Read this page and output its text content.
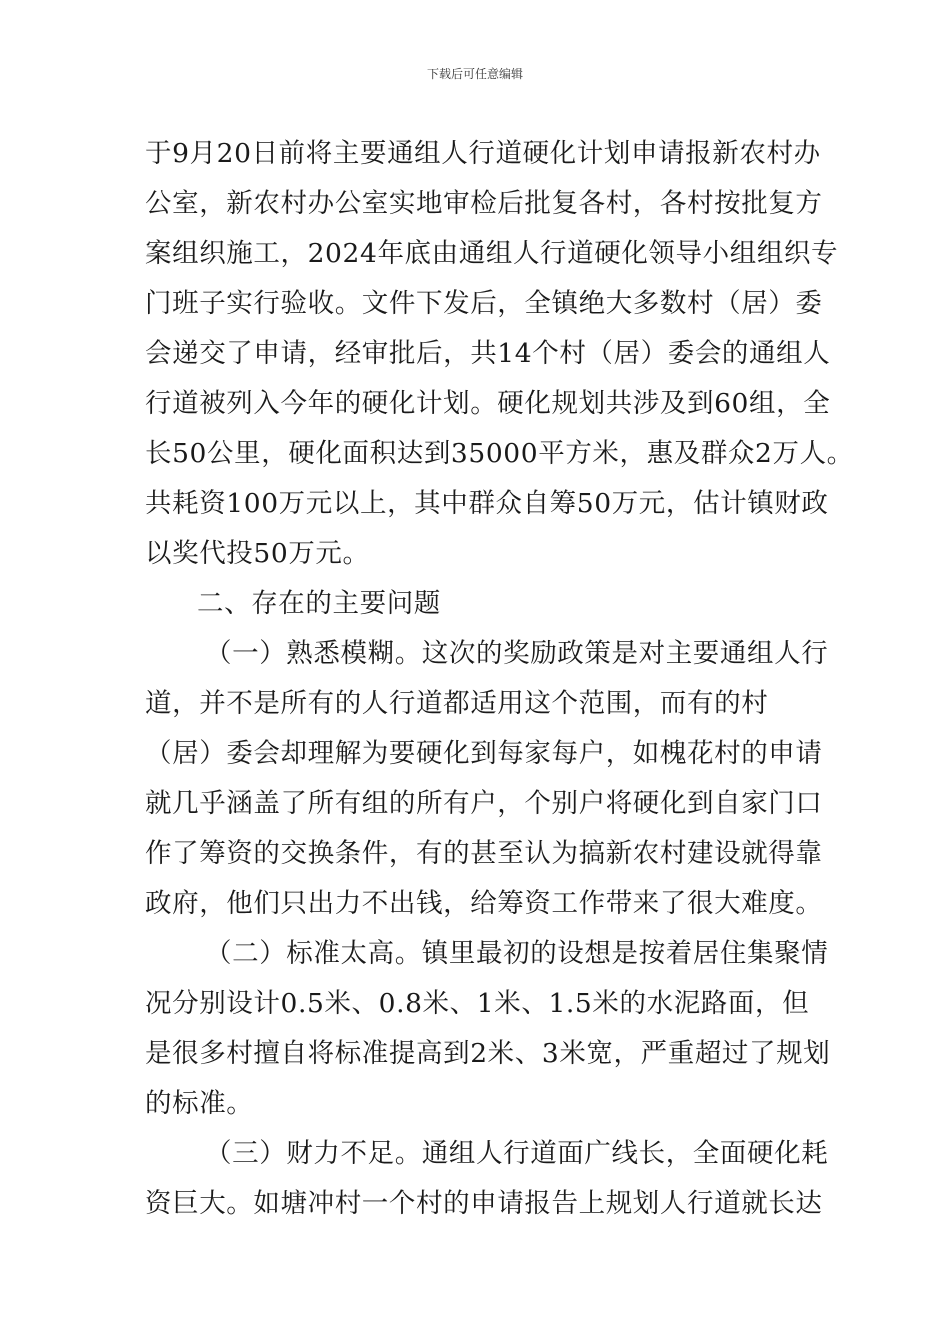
下载后可任意编辑
于9月20日前将主要通组人行道硬化计划申请报新农村办
公室，新农村办公室实地审检后批复各村，各村按批复方
案组织施工，2024年底由通组人行道硬化领导小组组织专
门班子实行验收。文件下发后，全镇绝大多数村（居）委
会递交了申请，经审批后，共14个村（居）委会的通组人
行道被列入今年的硬化计划。硬化规划共涉及到60组，全
长50公里，硬化面积达到35000平方米，惠及群众2万人。
共耗资100万元以上，其中群众自筹50万元，估计镇财政
以奖代投50万元。
二、存在的主要问题
（一）熟悉模糊。这次的奖励政策是对主要通组人行
道，并不是所有的人行道都适用这个范围，而有的村
（居）委会却理解为要硬化到每家每户，如槐花村的申请
就几乎涵盖了所有组的所有户，个别户将硬化到自家门口
作了筹资的交换条件，有的甚至认为搞新农村建设就得靠
政府，他们只出力不出钱，给筹资工作带来了很大难度。
（二）标准太高。镇里最初的设想是按着居住集聚情
况分别设计0.5米、0.8米、1米、1.5米的水泥路面，但
是很多村擅自将标准提高到2米、3米宽，严重超过了规划
的标准。
（三）财力不足。通组人行道面广线长，全面硬化耗
资巨大。如塘冲村一个村的申请报告上规划人行道就长达
